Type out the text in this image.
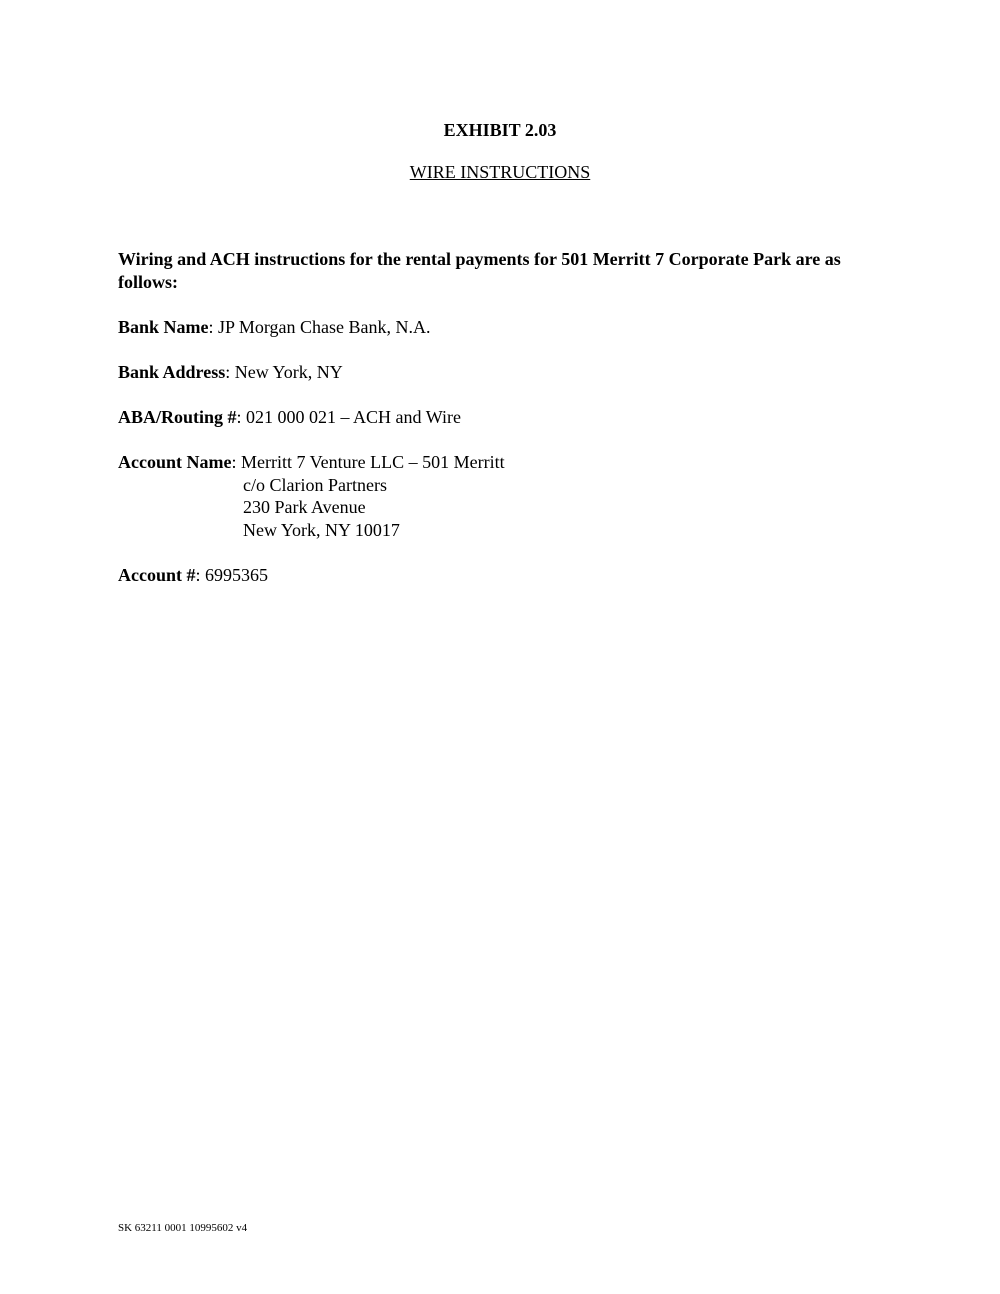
EXHIBIT 2.03
WIRE INSTRUCTIONS
Wiring and ACH instructions for the rental payments for 501 Merritt 7 Corporate Park are as follows:
Bank Name: JP Morgan Chase Bank, N.A.
Bank Address: New York, NY
ABA/Routing #: 021 000 021 – ACH and Wire
Account Name: Merritt 7 Venture LLC – 501 Merritt
c/o Clarion Partners
230 Park Avenue
New York, NY 10017
Account #: 6995365
SK 63211 0001 10995602 v4
